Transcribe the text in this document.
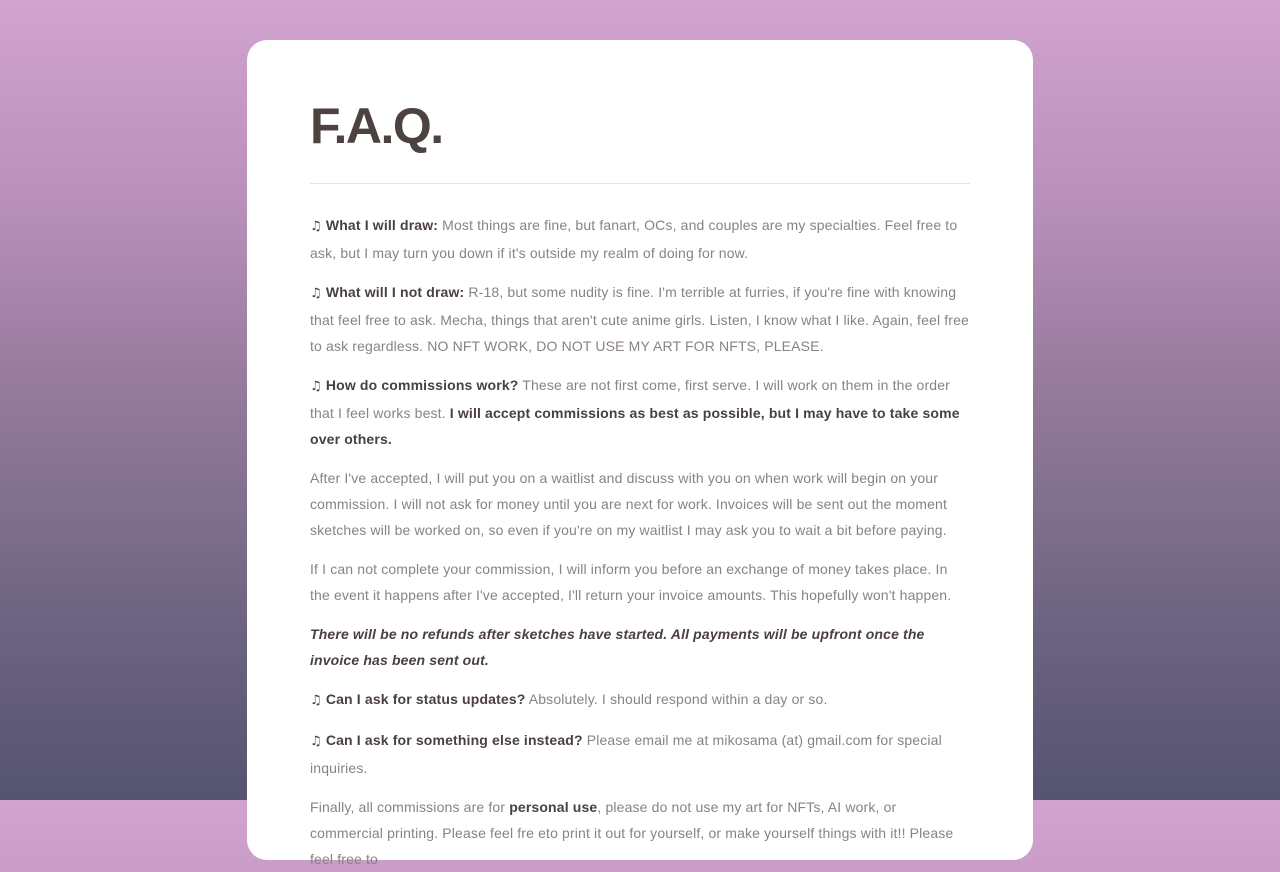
F.A.Q.

♫ What I will draw: Most things are fine, but fanart, OCs, and couples are my specialties. Feel free to ask, but I may turn you down if it's outside my realm of doing for now.

♫ What will I not draw: R-18, but some nudity is fine. I'm terrible at furries, if you're fine with knowing that feel free to ask. Mecha, things that aren't cute anime girls. Listen, I know what I like. Again, feel free to ask regardless. NO NFT WORK, DO NOT USE MY ART FOR NFTS, PLEASE.

♫ How do commissions work? These are not first come, first serve. I will work on them in the order that I feel works best. I will accept commissions as best as possible, but I may have to take some over others.

After I've accepted, I will put you on a waitlist and discuss with you on when work will begin on your commission. I will not ask for money until you are next for work. Invoices will be sent out the moment sketches will be worked on, so even if you're on my waitlist I may ask you to wait a bit before paying.

If I can not complete your commission, I will inform you before an exchange of money takes place. In the event it happens after I've accepted, I'll return your invoice amounts. This hopefully won't happen.

There will be no refunds after sketches have started. All payments will be upfront once the invoice has been sent out.

♫ Can I ask for status updates? Absolutely. I should respond within a day or so.

♫ Can I ask for something else instead? Please email me at mikosama (at) gmail.com for special inquiries.

Finally, all commissions are for personal use, please do not use my art for NFTs, AI work, or commercial printing. Please feel fre eto print it out for yourself, or make yourself things with it!! Please feel free to
